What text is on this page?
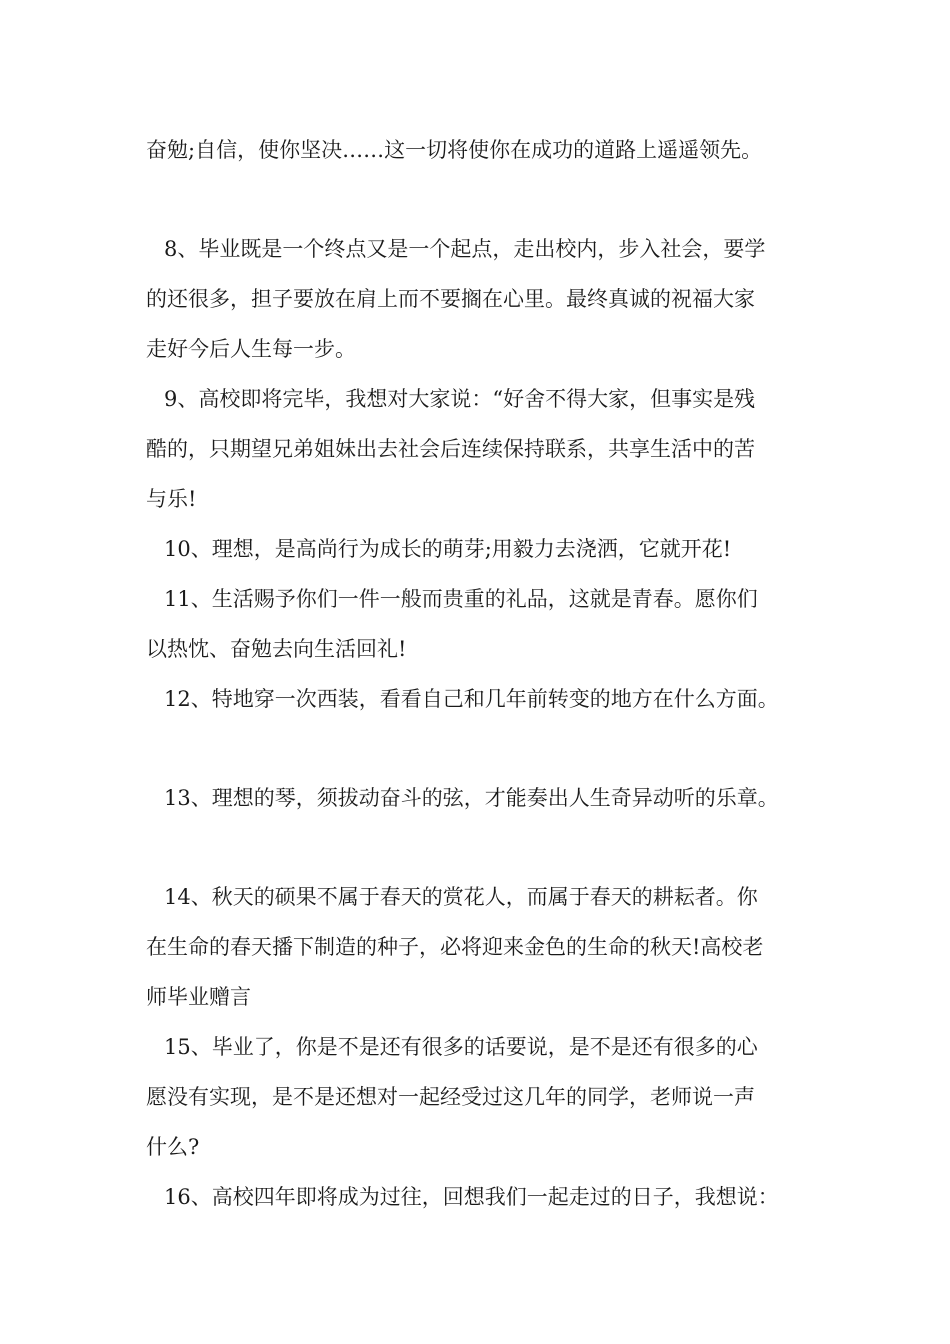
奋勉;自信，使你坚决……这一切将使你在成功的道路上遥遥领先。
8、毕业既是一个终点又是一个起点，走出校内，步入社会，要学
的还很多，担子要放在肩上而不要搁在心里。最终真诚的祝福大家
走好今后人生每一步。
9、高校即将完毕，我想对大家说：“好舍不得大家，但事实是残
酷的，只期望兄弟姐妹出去社会后连续保持联系，共享生活中的苦
与乐!
10、理想，是高尚行为成长的萌芽;用毅力去浇洒，它就开花!
11、生活赐予你们一件一般而贵重的礼品，这就是青春。愿你们
以热忱、奋勉去向生活回礼!
12、特地穿一次西装，看看自己和几年前转变的地方在什么方面。
13、理想的琴，须拔动奋斗的弦，才能奏出人生奇异动听的乐章。
14、秋天的硕果不属于春天的赏花人，而属于春天的耕耘者。你
在生命的春天播下制造的种子，必将迎来金色的生命的秋天!高校老
师毕业赠言
15、毕业了，你是不是还有很多的话要说，是不是还有很多的心
愿没有实现，是不是还想对一起经受过这几年的同学，老师说一声
什么?
16、高校四年即将成为过往，回想我们一起走过的日子，我想说：
